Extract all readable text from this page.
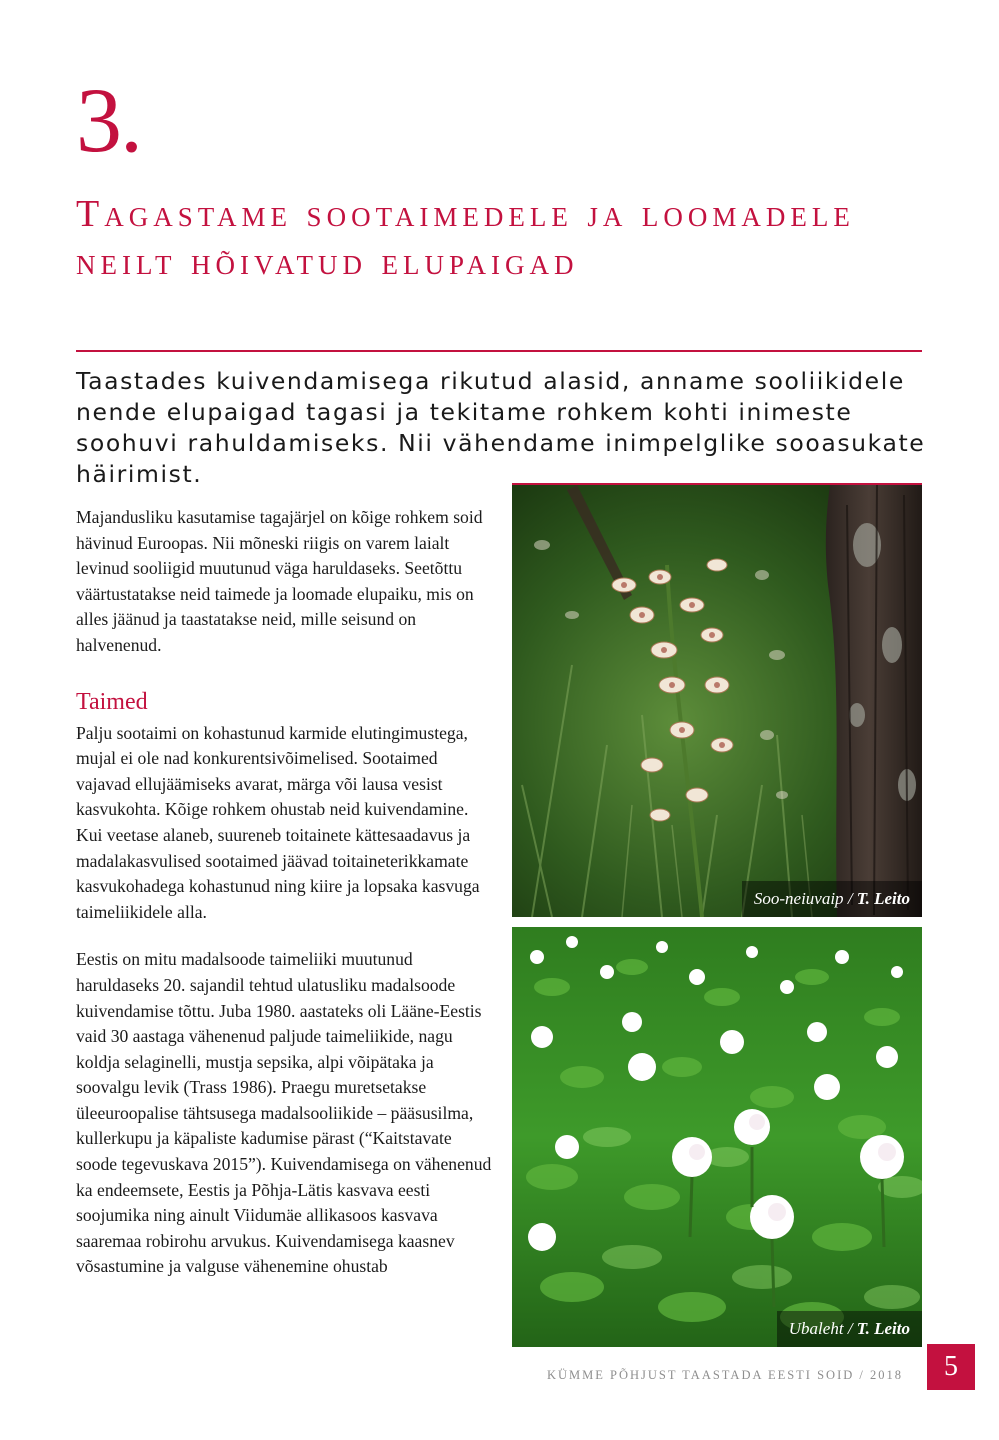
3.
Tagastame sootaimedele ja loomadele neilt hõivatud elupaigad
Taastades kuivendamisega rikutud alasid, anname sooliikidele nende elupaigad tagasi ja tekitame rohkem kohti inimeste soohuvi rahuldamiseks. Nii vähendame inimpelglike sooasukate häirimist.

Majandusliku kasutamise tagajärjel on kõige rohkem soid hävinud Euroopas. Nii mõneski riigis on varem laialt levinud sooliigid muutunud väga haruldaseks. Seetõttu väärtustatakse neid taimede ja loomade elupaiku, mis on alles jäänud ja taastatakse neid, mille seisund on halvenenud.

Taimed

Palju sootaimi on kohastunud karmide elutingimustega, mujal ei ole nad konkurentsivõimelised. Sootaimed vajavad ellujäämiseks avarat, märga või lausa vesist kasvukohta. Kõige rohkem ohustab neid kuivendamine. Kui veetase alaneb, suureneb toitainete kättesaadavus ja madalakasvulised sootaimed jäävad toitaineterikkamate kasvukohadega kohastunud ning kiire ja lopsaka kasvuga taimeliikidele alla.

Eestis on mitu madalsoode taimeliiki muutunud haruldaseks 20. sajandil tehtud ulatusliku madalsoode kuivendamise tõttu. Juba 1980. aastateks oli Lääne-Eestis vaid 30 aastaga vähenenud paljude taimeliikide, nagu koldja selaginelli, mustja sepsika, alpi võipätaka ja soovalgu levik (Trass 1986). Praegu muretsetakse üleeuroopalise tähtsusega madalsooliikide – pääsusilma, kullerkupu ja käpaliste kadumise pärast (“Kaitstavate soode tegevuskava 2015”). Kuivendamisega on vähenenud ka endeemsete, Eestis ja Põhja-Lätis kasvava eesti soojumika ning ainult Viidumäe allikasoos kasvava saaremaa robirohu arvukus. Kuivendamisega kaasnev võsastumine ja valguse vähenemine ohustab

Soo-neiuvaip / T. Leito
Ubaleht / T. Leito
KÜMME PÕHJUST TAASTADA EESTI SOID / 2018	5
